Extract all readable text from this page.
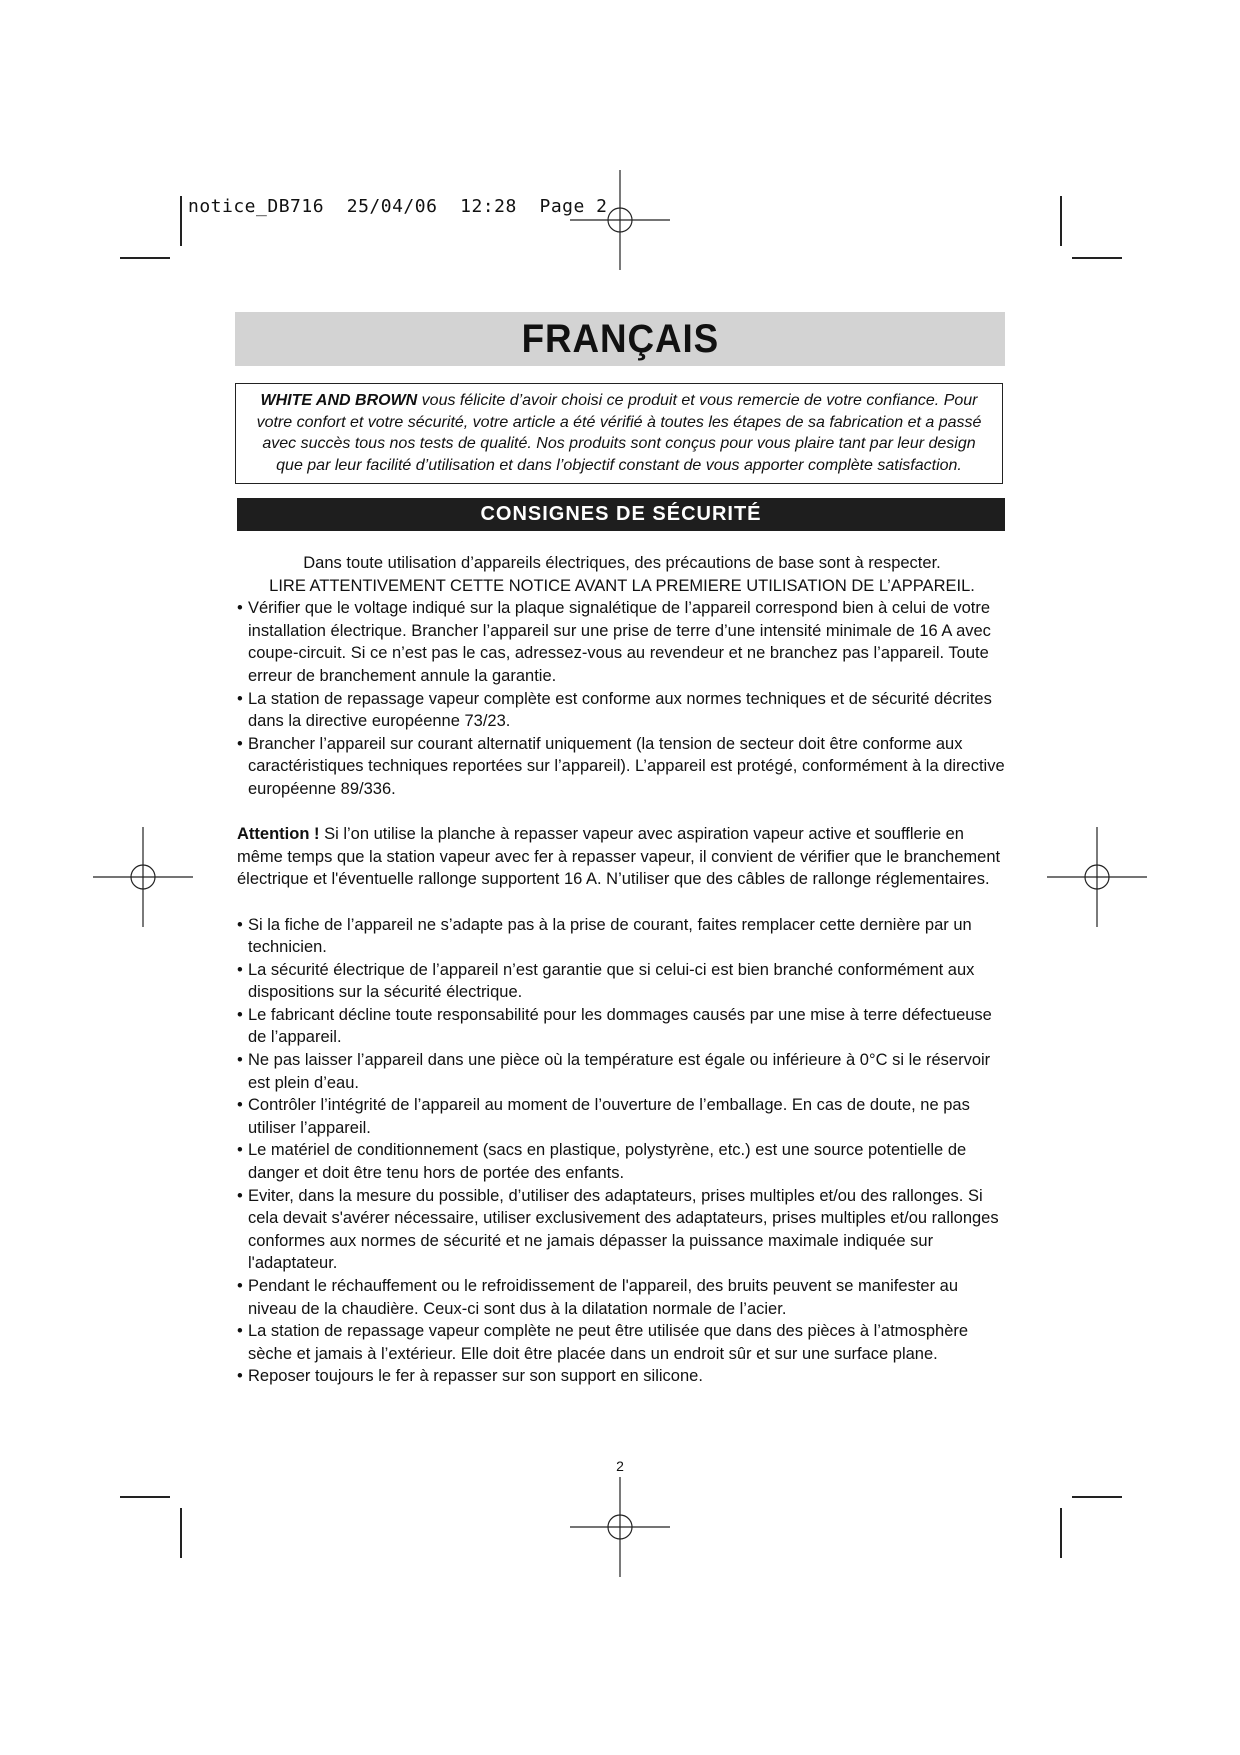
notice_DB716 25/04/06 12:28 Page 2
FRANÇAIS
WHITE AND BROWN vous félicite d’avoir choisi ce produit et vous remercie de votre confiance. Pour votre confort et votre sécurité, votre article a été vérifié à toutes les étapes de sa fabrication et a passé avec succès tous nos tests de qualité. Nos produits sont conçus pour vous plaire tant par leur design que par leur facilité d’utilisation et dans l’objectif constant de vous apporter complète satisfaction.
CONSIGNES DE SÉCURITÉ
Dans toute utilisation d’appareils électriques, des précautions de base sont à respecter.
LIRE ATTENTIVEMENT CETTE NOTICE AVANT LA PREMIERE UTILISATION DE L’APPAREIL.
• Vérifier que le voltage indiqué sur la plaque signalétique de l’appareil correspond bien à celui de votre installation électrique. Brancher l’appareil sur une prise de terre d’une intensité minimale de 16 A avec coupe-circuit. Si ce n’est pas le cas, adressez-vous au revendeur et ne branchez pas l’appareil. Toute erreur de branchement annule la garantie.
• La station de repassage vapeur complète est conforme aux normes techniques et de sécurité décrites dans la directive européenne 73/23.
• Brancher l’appareil sur courant alternatif uniquement (la tension de secteur doit être conforme aux caractéristiques techniques reportées sur l’appareil). L’appareil est protégé, conformément à la directive européenne 89/336.
Attention ! Si l’on utilise la planche à repasser vapeur avec aspiration vapeur active et soufflerie en même temps que la station vapeur avec fer à repasser vapeur, il convient de vérifier que le branchement électrique et l'éventuelle rallonge supportent 16 A. N’utiliser que des câbles de rallonge réglementaires.
• Si la fiche de l’appareil ne s’adapte pas à la prise de courant, faites remplacer cette dernière par un technicien.
• La sécurité électrique de l’appareil n’est garantie que si celui-ci est bien branché conformément aux dispositions sur la sécurité électrique.
• Le fabricant décline toute responsabilité pour les dommages causés par une mise à terre défectueuse de l’appareil.
• Ne pas laisser l’appareil dans une pièce où la température est égale ou inférieure à 0°C si le réservoir est plein d’eau.
• Contrôler l’intégrité de l’appareil au moment de l’ouverture de l’emballage. En cas de doute, ne pas utiliser l’appareil.
• Le matériel de conditionnement (sacs en plastique, polystyrène, etc.) est une source potentielle de danger et doit être tenu hors de portée des enfants.
• Eviter, dans la mesure du possible, d’utiliser des adaptateurs, prises multiples et/ou des rallonges. Si cela devait s'avérer nécessaire, utiliser exclusivement des adaptateurs, prises multiples et/ou rallonges conformes aux normes de sécurité et ne jamais dépasser la puissance maximale indiquée sur l'adaptateur.
• Pendant le réchauffement ou le refroidissement de l'appareil, des bruits peuvent se manifester au niveau de la chaudière. Ceux-ci sont dus à la dilatation normale de l’acier.
• La station de repassage vapeur complète ne peut être utilisée que dans des pièces à l’atmosphère sèche et jamais à l’extérieur. Elle doit être placée dans un endroit sûr et sur une surface plane.
• Reposer toujours le fer à repasser sur son support en silicone.
2
